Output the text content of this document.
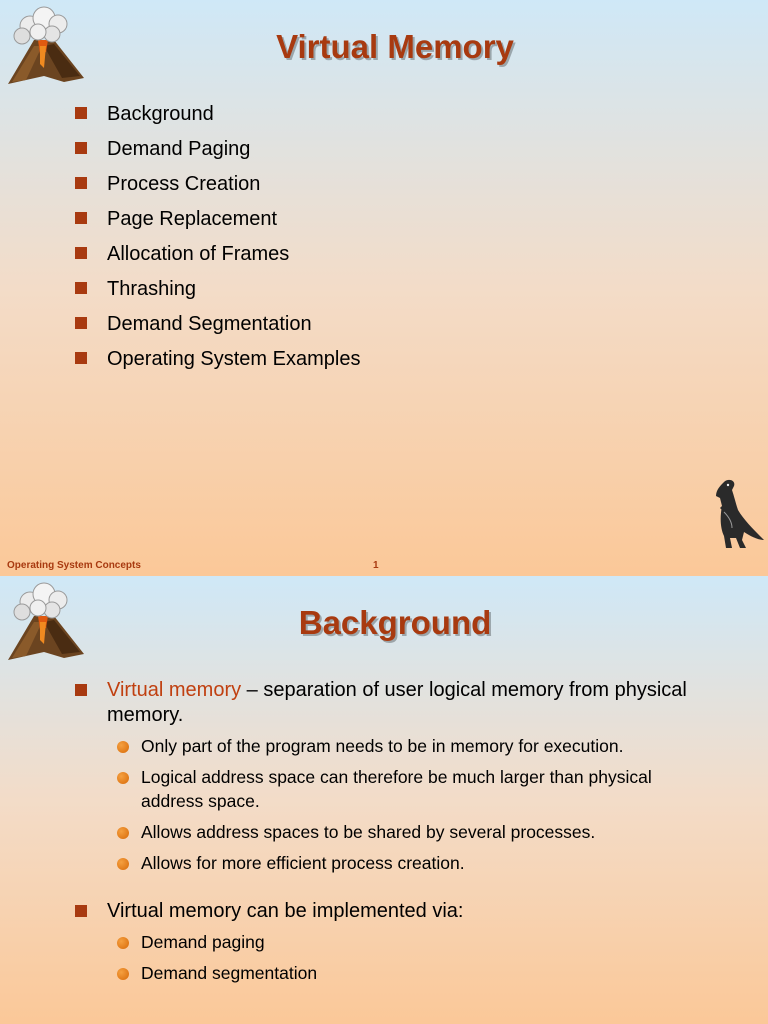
Virtual Memory
Background
Demand Paging
Process Creation
Page Replacement
Allocation of Frames
Thrashing
Demand Segmentation
Operating System Examples
Operating System Concepts	1
Background
Virtual memory – separation of user logical memory from physical memory.
Only part of the program needs to be in memory for execution.
Logical address space can therefore be much larger than physical address space.
Allows address spaces to be shared by several processes.
Allows for more efficient process creation.
Virtual memory can be implemented via:
Demand paging
Demand segmentation
